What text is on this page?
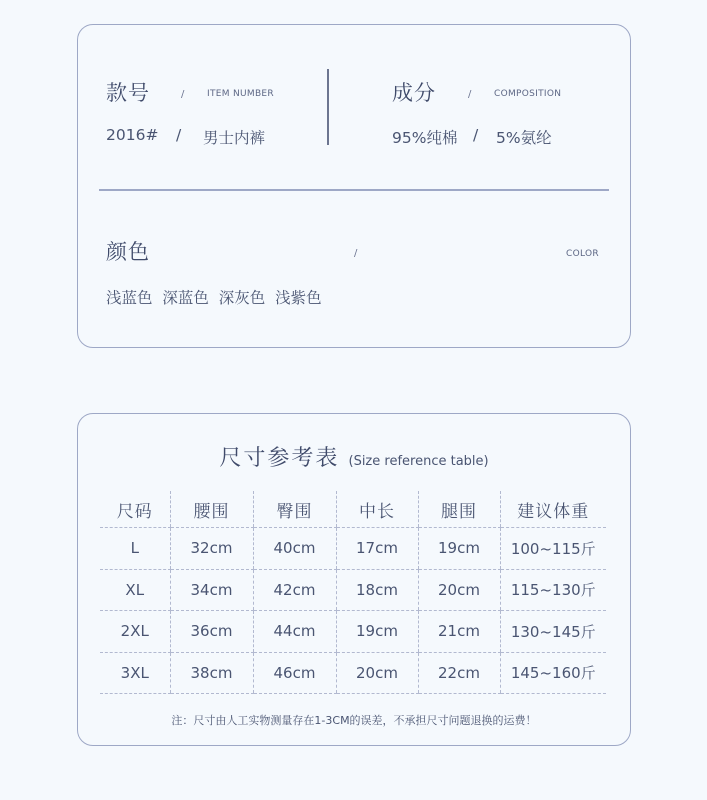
款号	/	ITEM NUMBER
2016# / 男士内裤
成分	/	COMPOSITION
95%纯棉 / 5%氨纶
颜色	/	COLOR
浅蓝色  深蓝色  深灰色  浅紫色
尺寸参考表 (Size reference table)
尺码	腰围	臀围	中长	腿围	建议体重
L	32cm	40cm	17cm	19cm	100~115斤
XL	34cm	42cm	18cm	20cm	115~130斤
2XL	36cm	44cm	19cm	21cm	130~145斤
3XL	38cm	46cm	20cm	22cm	145~160斤
注：尺寸由人工实物测量存在1-3CM的误差，不承担尺寸问题退换的运费！
